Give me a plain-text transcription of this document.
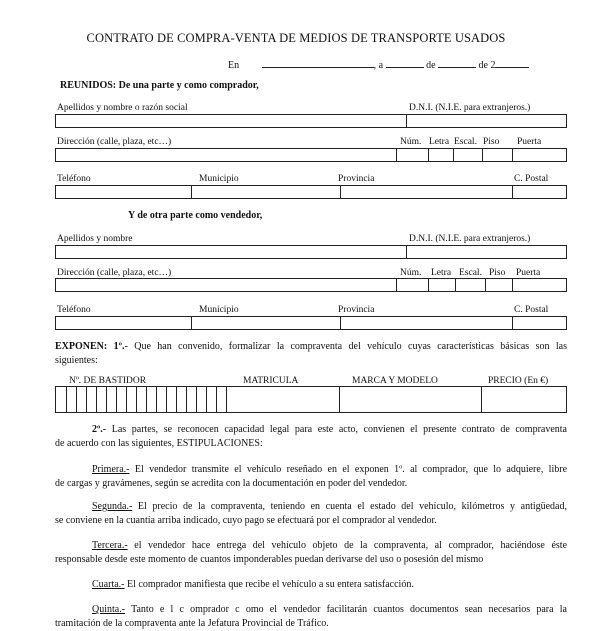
CONTRATO DE COMPRA-VENTA DE MEDIOS DE TRANSPORTE USADOS
En	, a	de	de 2
REUNIDOS: De una parte y como comprador,
Apellidos y nombre o razón social	D.N.I. (N.I.E. para extranjeros.)
Dirección (calle, plaza, etc…)	Núm. Letra Escal. Piso Puerta
Teléfono	Municipio	Provincia	C. Postal
Y de otra parte como vendedor,
Apellidos y nombre	D.N.I. (N.I.E. para extranjeros.)
Dirección (calle, plaza, etc…)	Núm. Letra Escal. Piso Puerta
Teléfono	Municipio	Provincia	C. Postal
EXPONEN: 1º.- Que han convenido, formalizar la compraventa del vehículo cuyas características básicas son las
siguientes:
Nº. DE BASTIDOR	MATRICULA	MARCA Y MODELO	PRECIO (En €)
2º.- Las partes, se reconocen capacidad legal para este acto, convienen el presente contrato de compraventa
de acuerdo con las siguientes, ESTIPULACIONES:
Primera.- El vendedor transmite el vehículo reseñado en el exponen 1º. al comprador, que lo adquiere, libre
de cargas y gravámenes, según se acredita con la documentación en poder del vendedor.
Segunda.- El precio de la compraventa, teniendo en cuenta el estado del vehículo, kilómetros y antigüedad,
se conviene en la cuantía arriba indicado, cuyo pago se efectuará por el comprador al vendedor.
Tercera.- el vendedor hace entrega del vehículo objeto de la compraventa, al comprador, haciéndose éste
responsable desde este momento de cuantos imponderables puedan derivarse del uso o posesión del mismo
Cuarta.- El comprador manifiesta que recibe el vehículo a su entera satisfacción.
Quinta.- Tanto e l c omprador c omo el vendedor facilitarán cuantos documentos sean necesarios para la
tramitación de la compraventa ante la Jefatura Provincial de Tráfico.
